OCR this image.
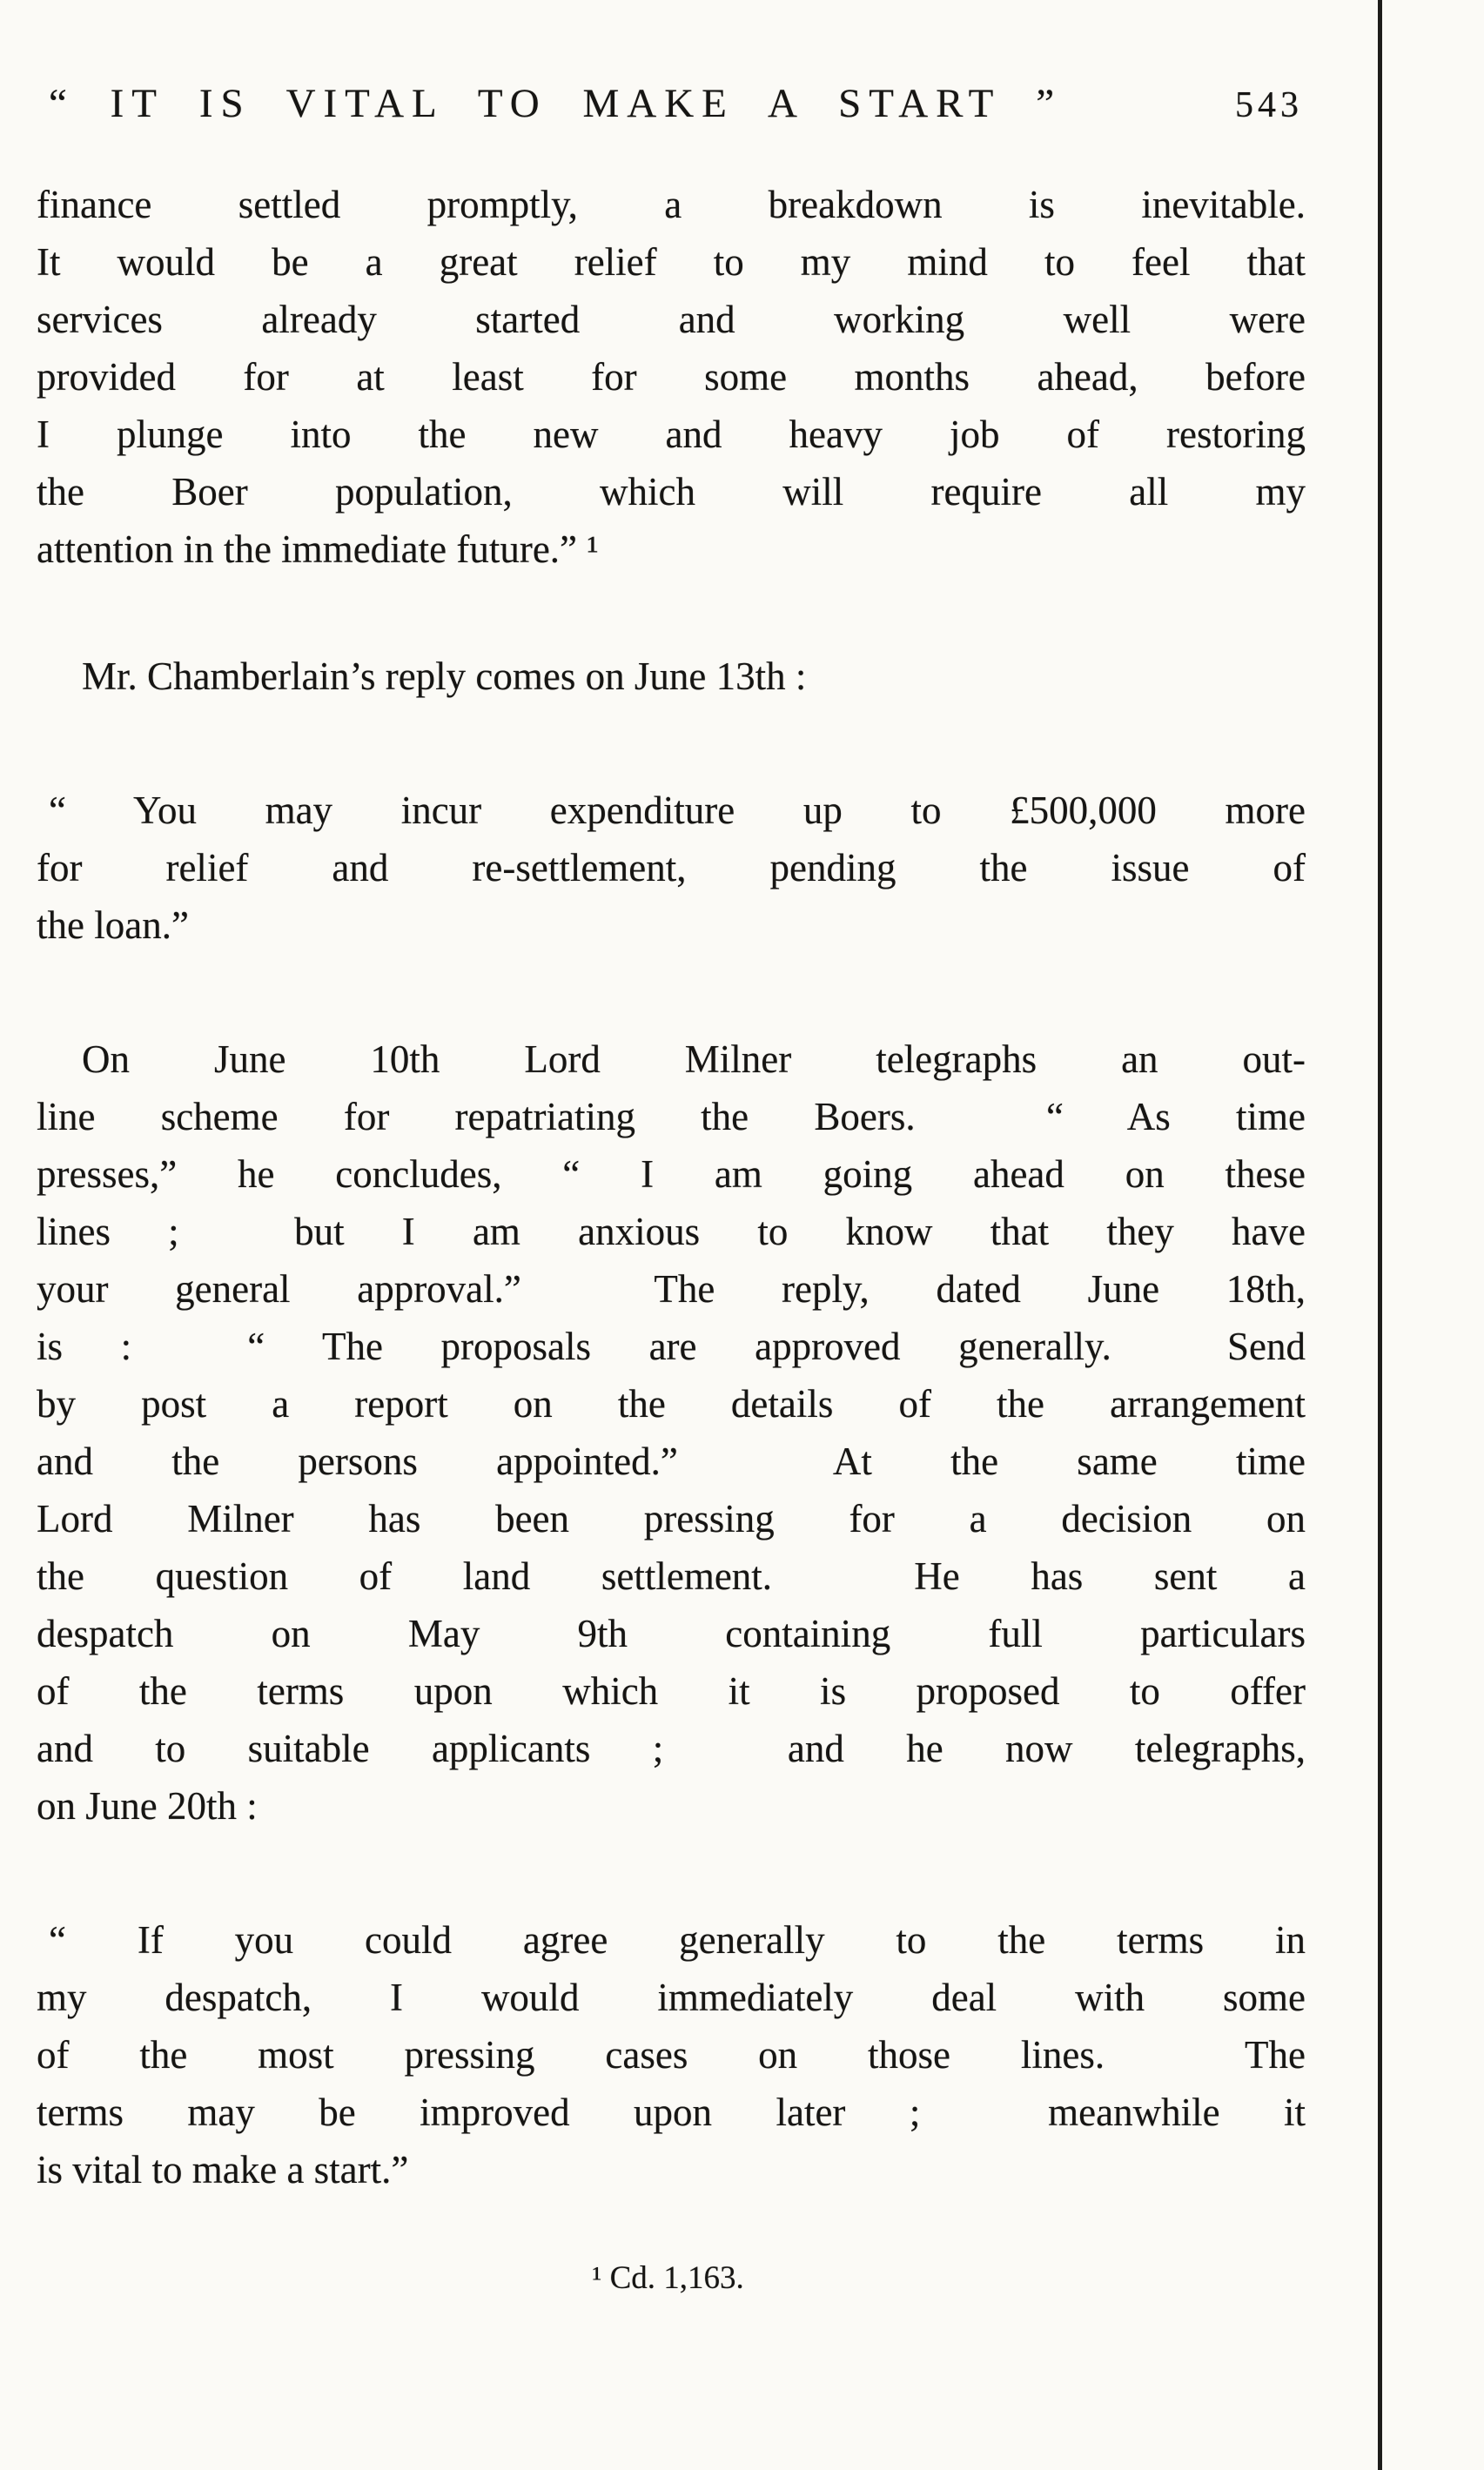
“ IT IS VITAL TO MAKE A START ”	543
finance settled promptly, a breakdown is inevitable.
It would be a great relief to my mind to feel that
services already started and working well were
provided for at least for some months ahead, before
I plunge into the new and heavy job of restoring
the Boer population, which will require all my
attention in the immediate future.” ¹
Mr. Chamberlain’s reply comes on June 13th :
“ You may incur expenditure up to £500,000 more
for relief and re-settlement, pending the issue of
the loan.”
On June 10th Lord Milner telegraphs an out-
line scheme for repatriating the Boers.  “ As time
presses,” he concludes, “ I am going ahead on these
lines ;  but I am anxious to know that they have
your general approval.”  The reply, dated June 18th,
is :  “ The proposals are approved generally.  Send
by post a report on the details of the arrangement
and the persons appointed.”  At the same time
Lord Milner has been pressing for a decision on
the question of land settlement.  He has sent a
despatch on May 9th containing full particulars
of the terms upon which it is proposed to offer
and to suitable applicants ;  and he now telegraphs,
on June 20th :
“ If you could agree generally to the terms in
my despatch, I would immediately deal with some
of the most pressing cases on those lines.  The
terms may be improved upon later ;  meanwhile it
is vital to make a start.”
¹ Cd. 1,163.
